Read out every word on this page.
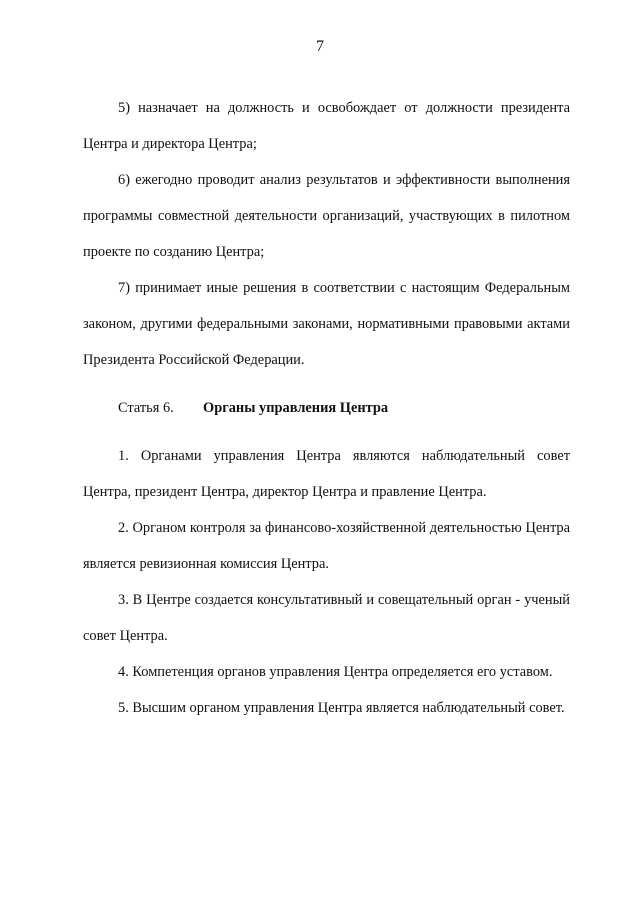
7

5) назначает на должность и освобождает от должности президента Центра и директора Центра;

6) ежегодно проводит анализ результатов и эффективности выполнения программы совместной деятельности организаций, участвующих в пилотном проекте по созданию Центра;

7) принимает иные решения в соответствии с настоящим Федеральным законом, другими федеральными законами, нормативными правовыми актами Президента Российской Федерации.

Статья 6. Органы управления Центра

1. Органами управления Центра являются наблюдательный совет Центра, президент Центра, директор Центра и правление Центра.

2. Органом контроля за финансово-хозяйственной деятельностью Центра является ревизионная комиссия Центра.

3. В Центре создается консультативный и совещательный орган - ученый совет Центра.

4. Компетенция органов управления Центра определяется его уставом.

5. Высшим органом управления Центра является наблюдательный совет.
